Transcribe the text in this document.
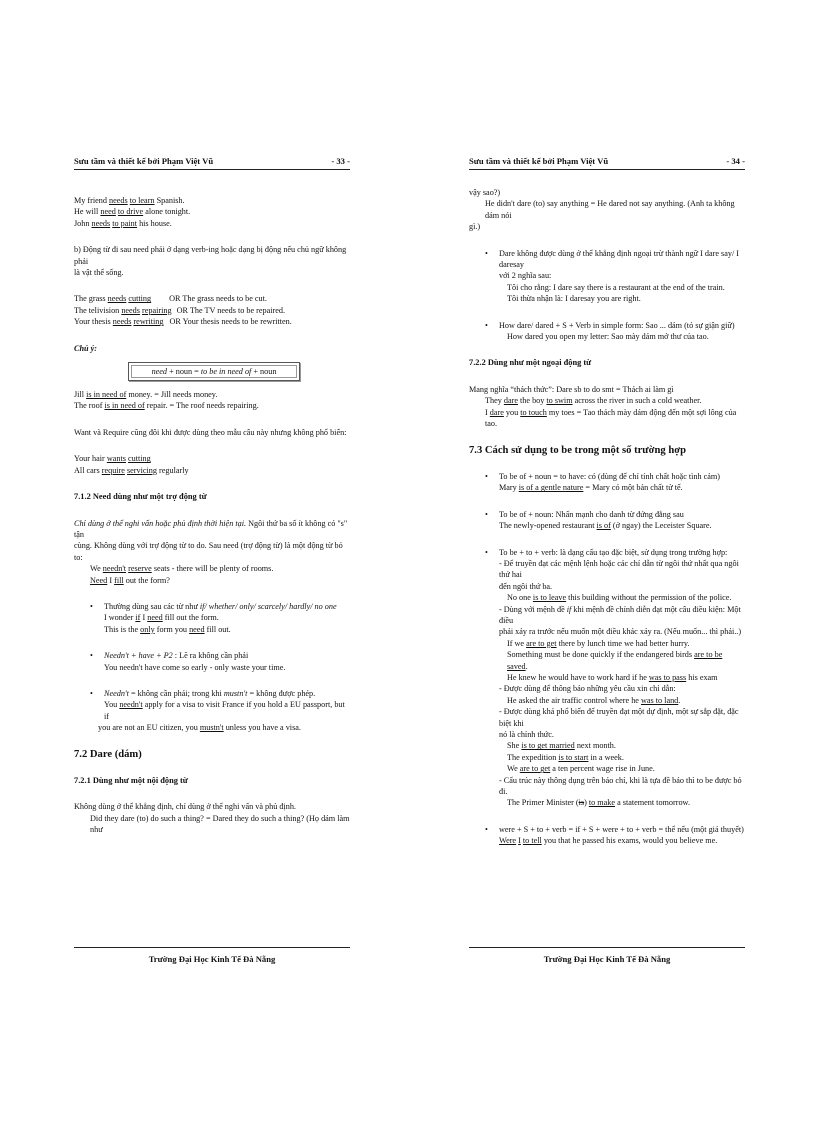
Sưu tầm và thiết kế bởi Phạm Việt Vũ	- 33 -

My friend needs to learn Spanish.

He will need to drive alone tonight.

John needs to paint his house.

b) Động từ đi sau need phải ở dạng verb-ing hoặc dạng bị động nếu chủ ngữ không phải

là vật thể sống.

The grass needs cutting OR The grass needs to be cut.

The telivision needs repairing OR The TV needs to be repaired.

Your thesis needs rewriting OR Your thesis needs to be rewritten.

Chú ý:

need + noun = to be in need of + noun

Jill is in need of money. = Jill needs money.

The roof is in need of repair. = The roof needs repairing.

Want và Require cũng đôi khi được dùng theo mẫu câu này nhưng không phổ biến:

Your hair wants cutting

All cars require servicing regularly

7.1.2 Need dùng như một trợ động từ

Chỉ dùng ở thể nghi vấn hoặc phủ định thời hiện tại. Ngôi thứ ba số ít không có "s" tận

cùng. Không dùng với trợ động từ to do. Sau need (trợ động từ) là một động từ bỏ to:

We needn't reserve seats - there will be plenty of rooms.

Need I fill out the form?

• Thường dùng sau các từ như if/ whether/ only/ scarcely/ hardly/ no one

I wonder if I need fill out the form.

This is the only form you need fill out.

• Needn't + have + P2 : Lẽ ra không cần phải

You needn't have come so early - only waste your time.

• Needn't = không cần phải; trong khi mustn't = không được phép.

You needn't apply for a visa to visit France if you hold a EU passport, but if

you are not an EU citizen, you mustn't unless you have a visa.

7.2 Dare (dám)

7.2.1 Dùng như một nội động từ

Không dùng ở thể khẳng định, chỉ dùng ở thể nghi vấn và phủ định.

Did they dare (to) do such a thing? = Dared they do such a thing? (Họ dám làm như

Trường Đại Học Kinh Tế Đà Nẵng
Sưu tầm và thiết kế bởi Phạm Việt Vũ	- 34 -

vậy sao?)

He didn't dare (to) say anything = He dared not say anything. (Anh ta không dám nói

gì.)

• Dare không được dùng ở thể khẳng định ngoại trừ thành ngữ I dare say/ I daresay

với 2 nghĩa sau:

Tôi cho rằng: I dare say there is a restaurant at the end of the train.

Tôi thừa nhận là: I daresay you are right.

• How dare/ dared + S + Verb in simple form: Sao ... dám (tỏ sự giận giữ)

How dared you open my letter: Sao mày dám mở thư của tao.

7.2.2 Dùng như một ngoại động từ

Mang nghĩa “thách thức”: Dare sb to do smt = Thách ai làm gì

They dare the boy to swim across the river in such a cold weather.

I dare you to touch my toes = Tao thách mày dám động đến một sợi lông của tao.

7.3 Cách sử dụng to be trong một số trường hợp

• To be of + noun = to have: có (dùng để chỉ tính chất hoặc tình cảm)

Mary is of a gentle nature = Mary có một bản chất tử tế.

• To be of + noun: Nhấn mạnh cho danh từ đứng đằng sau

The newly-opened restaurant is of (ở ngay) the Leceister Square.

• To be + to + verb: là dạng cấu tạo đặc biệt, sử dụng trong trường hợp:

- Để truyền đạt các mệnh lệnh hoặc các chỉ dẫn từ ngôi thứ nhất qua ngôi thứ hai

đến ngôi thứ ba.

No one is to leave this building without the permission of the police.

- Dùng với mệnh đề if khi mệnh đề chính diễn đạt một câu điều kiện: Một điều

phải xảy ra trước nếu muốn một điều khác xảy ra. (Nếu muốn... thì phải..)

If we are to get there by lunch time we had better hurry.

Something must be done quickly if the endangered birds are to be saved.

He knew he would have to work hard if he was to pass his exam

- Được dùng để thông báo những yêu cầu xin chỉ dẫn:

He asked the air traffic control where he was to land.

- Được dùng khá phổ biến để truyền đạt một dự định, một sự sắp đặt, đặc biệt khi

nó là chính thức.

She is to get married next month.

The expedition is to start in a week.

We are to get a ten percent wage rise in June.

- Cấu trúc này thông dụng trên báo chí, khi là tựa đề báo thì to be được bỏ đi.

The Primer Minister (is) to make a statement tomorrow.

• were + S + to + verb = if + S + were + to + verb = thể nếu (một giả thuyết)

Were I to tell you that he passed his exams, would you believe me.

Trường Đại Học Kinh Tế Đà Nẵng
